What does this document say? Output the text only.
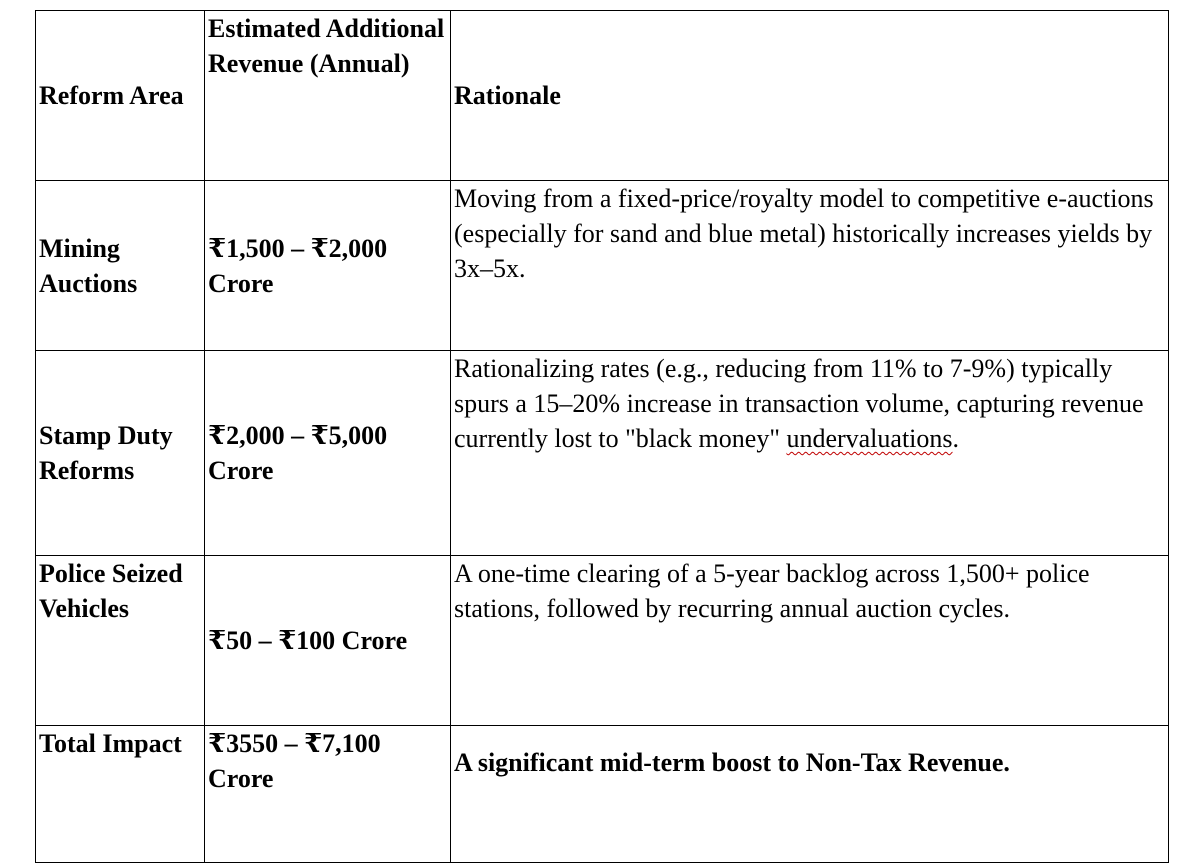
Reform Area	Estimated Additional Revenue (Annual)	Rationale
Mining Auctions	₹1,500 – ₹2,000 Crore	Moving from a fixed-price/royalty model to competitive e-auctions (especially for sand and blue metal) historically increases yields by 3x–5x.
Stamp Duty Reforms	₹2,000 – ₹5,000 Crore	Rationalizing rates (e.g., reducing from 11% to 7-9%) typically spurs a 15–20% increase in transaction volume, capturing revenue currently lost to "black money" undervaluations.
Police Seized Vehicles	₹50 – ₹100 Crore	A one-time clearing of a 5-year backlog across 1,500+ police stations, followed by recurring annual auction cycles.
Total Impact	₹3550 – ₹7,100 Crore	A significant mid-term boost to Non-Tax Revenue.
